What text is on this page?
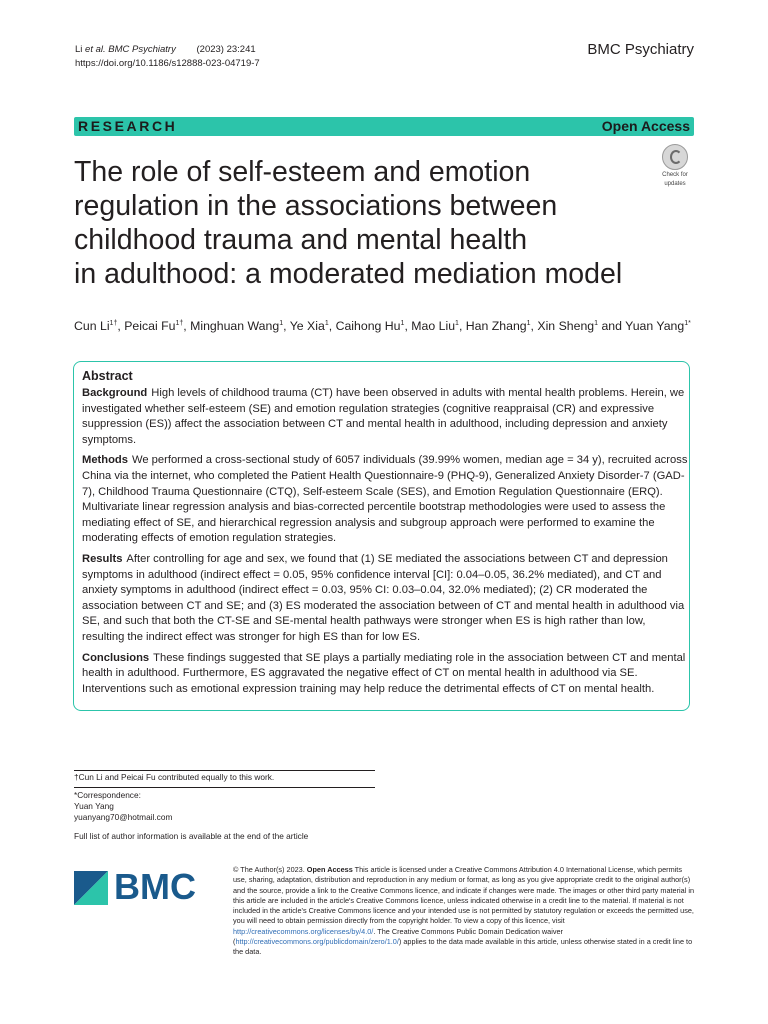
Li et al. BMC Psychiatry (2023) 23:241
https://doi.org/10.1186/s12888-023-04719-7
BMC Psychiatry
RESEARCH	Open Access
Check for
updates
The role of self-esteem and emotion
regulation in the associations between
childhood trauma and mental health
in adulthood: a moderated mediation model
Cun $Li^{1\dagger}$, Peicai $Fu^{1\dagger}$, Minghuan Wang$^1$, Ye Xia$^1$, Caihong Hu$^1$, Mao Liu$^1$, Han Zhang$^1$, Xin Sheng$^1$ and Yuan Yang$^{1*}$
Abstract

Background High levels of childhood trauma (CT) have been observed in adults with mental health problems. Herein, we investigated whether self-esteem (SE) and emotion regulation strategies (cognitive reappraisal (CR) and expressive suppression (ES)) affect the association between CT and mental health in adulthood, including depression and anxiety symptoms.

Methods We performed a cross-sectional study of 6057 individuals (39.99% women, median age = 34 y), recruited across China via the internet, who completed the Patient Health Questionnaire-9 (PHQ-9), Generalized Anxiety Disorder-7 (GAD-7), Childhood Trauma Questionnaire (CTQ), Self-esteem Scale (SES), and Emotion Regulation Questionnaire (ERQ). Multivariate linear regression analysis and bias-corrected percentile bootstrap methodologies were used to assess the mediating effect of SE, and hierarchical regression analysis and subgroup approach were performed to examine the moderating effects of emotion regulation strategies.

Results After controlling for age and sex, we found that (1) SE mediated the associations between CT and depression symptoms in adulthood (indirect effect = 0.05, 95% confidence interval [CI]: 0.04–0.05, 36.2% mediated), and CT and anxiety symptoms in adulthood (indirect effect = 0.03, 95% CI: 0.03–0.04, 32.0% mediated); (2) CR moderated the association between CT and SE; and (3) ES moderated the association between of CT and mental health in adulthood via SE, and such that both the CT-SE and SE-mental health pathways were stronger when ES is high rather than low, resulting the indirect effect was stronger for high ES than for low ES.

Conclusions These findings suggested that SE plays a partially mediating role in the association between CT and mental health in adulthood. Furthermore, ES aggravated the negative effect of CT on mental health in adulthood via SE. Interventions such as emotional expression training may help reduce the detrimental effects of CT on mental health.

†Cun Li and Peicai Fu contributed equally to this work.
*Correspondence:
Yuan Yang
yuanyang70@hotmail.com
Full list of author information is available at the end of the article
BMC	© The Author(s) 2023. Open Access This article is licensed under a Creative Commons Attribution 4.0 International License, which permits use, sharing, adaptation, distribution and reproduction in any medium or format, as long as you give appropriate credit to the original author(s) and the source, provide a link to the Creative Commons licence, and indicate if changes were made. The images or other third party material in this article are included in the article's Creative Commons licence, unless indicated otherwise in a credit line to the material. If material is not included in the article's Creative Commons licence and your intended use is not permitted by statutory regulation or exceeds the permitted use, you will need to obtain permission directly from the copyright holder. To view a copy of this licence, visit http://creativecommons.org/licenses/by/4.0/. The Creative Commons Public Domain Dedication waiver (http://creativecommons.org/publicdomain/zero/1.0/) applies to the data made available in this article, unless otherwise stated in a credit line to the data.
